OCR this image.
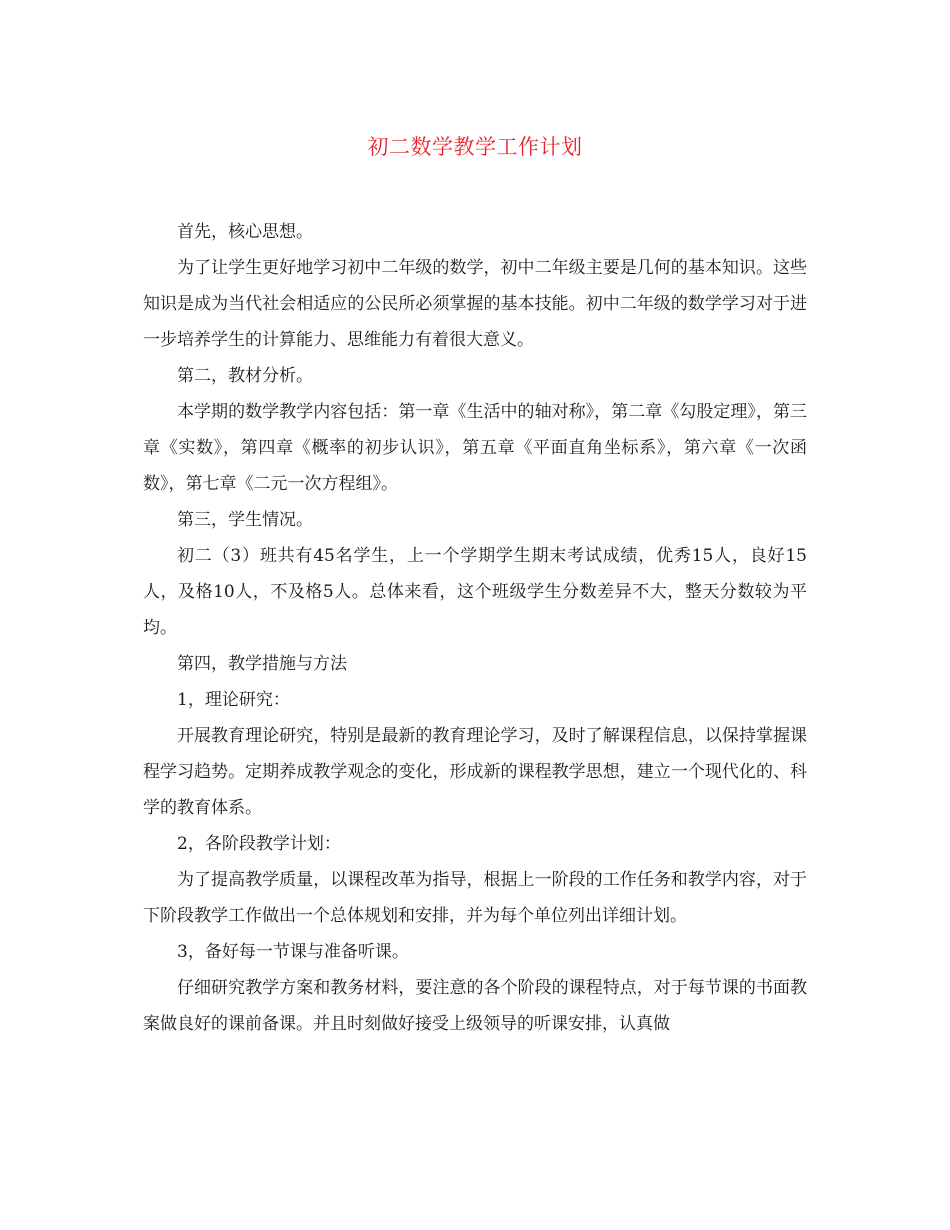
初二数学教学工作计划

首先，核心思想。

为了让学生更好地学习初中二年级的数学，初中二年级主要是几何的基本知识。这些知识是成为当代社会相适应的公民所必须掌握的基本技能。初中二年级的数学学习对于进一步培养学生的计算能力、思维能力有着很大意义。

第二，教材分析。

本学期的数学教学内容包括：第一章《生活中的轴对称》，第二章《勾股定理》，第三章《实数》，第四章《概率的初步认识》，第五章《平面直角坐标系》，第六章《一次函数》，第七章《二元一次方程组》。

第三，学生情况。

初二（3）班共有45名学生，上一个学期学生期末考试成绩，优秀15人，良好15人，及格10人，不及格5人。总体来看，这个班级学生分数差异不大，整天分数较为平均。

第四，教学措施与方法

1，理论研究：

开展教育理论研究，特别是最新的教育理论学习，及时了解课程信息，以保持掌握课程学习趋势。定期养成教学观念的变化，形成新的课程教学思想，建立一个现代化的、科学的教育体系。

2，各阶段教学计划：

为了提高教学质量，以课程改革为指导，根据上一阶段的工作任务和教学内容，对于下阶段教学工作做出一个总体规划和安排，并为每个单位列出详细计划。

3，备好每一节课与准备听课。

仔细研究教学方案和教务材料，要注意的各个阶段的课程特点，对于每节课的书面教案做良好的课前备课。并且时刻做好接受上级领导的听课安排，认真做
